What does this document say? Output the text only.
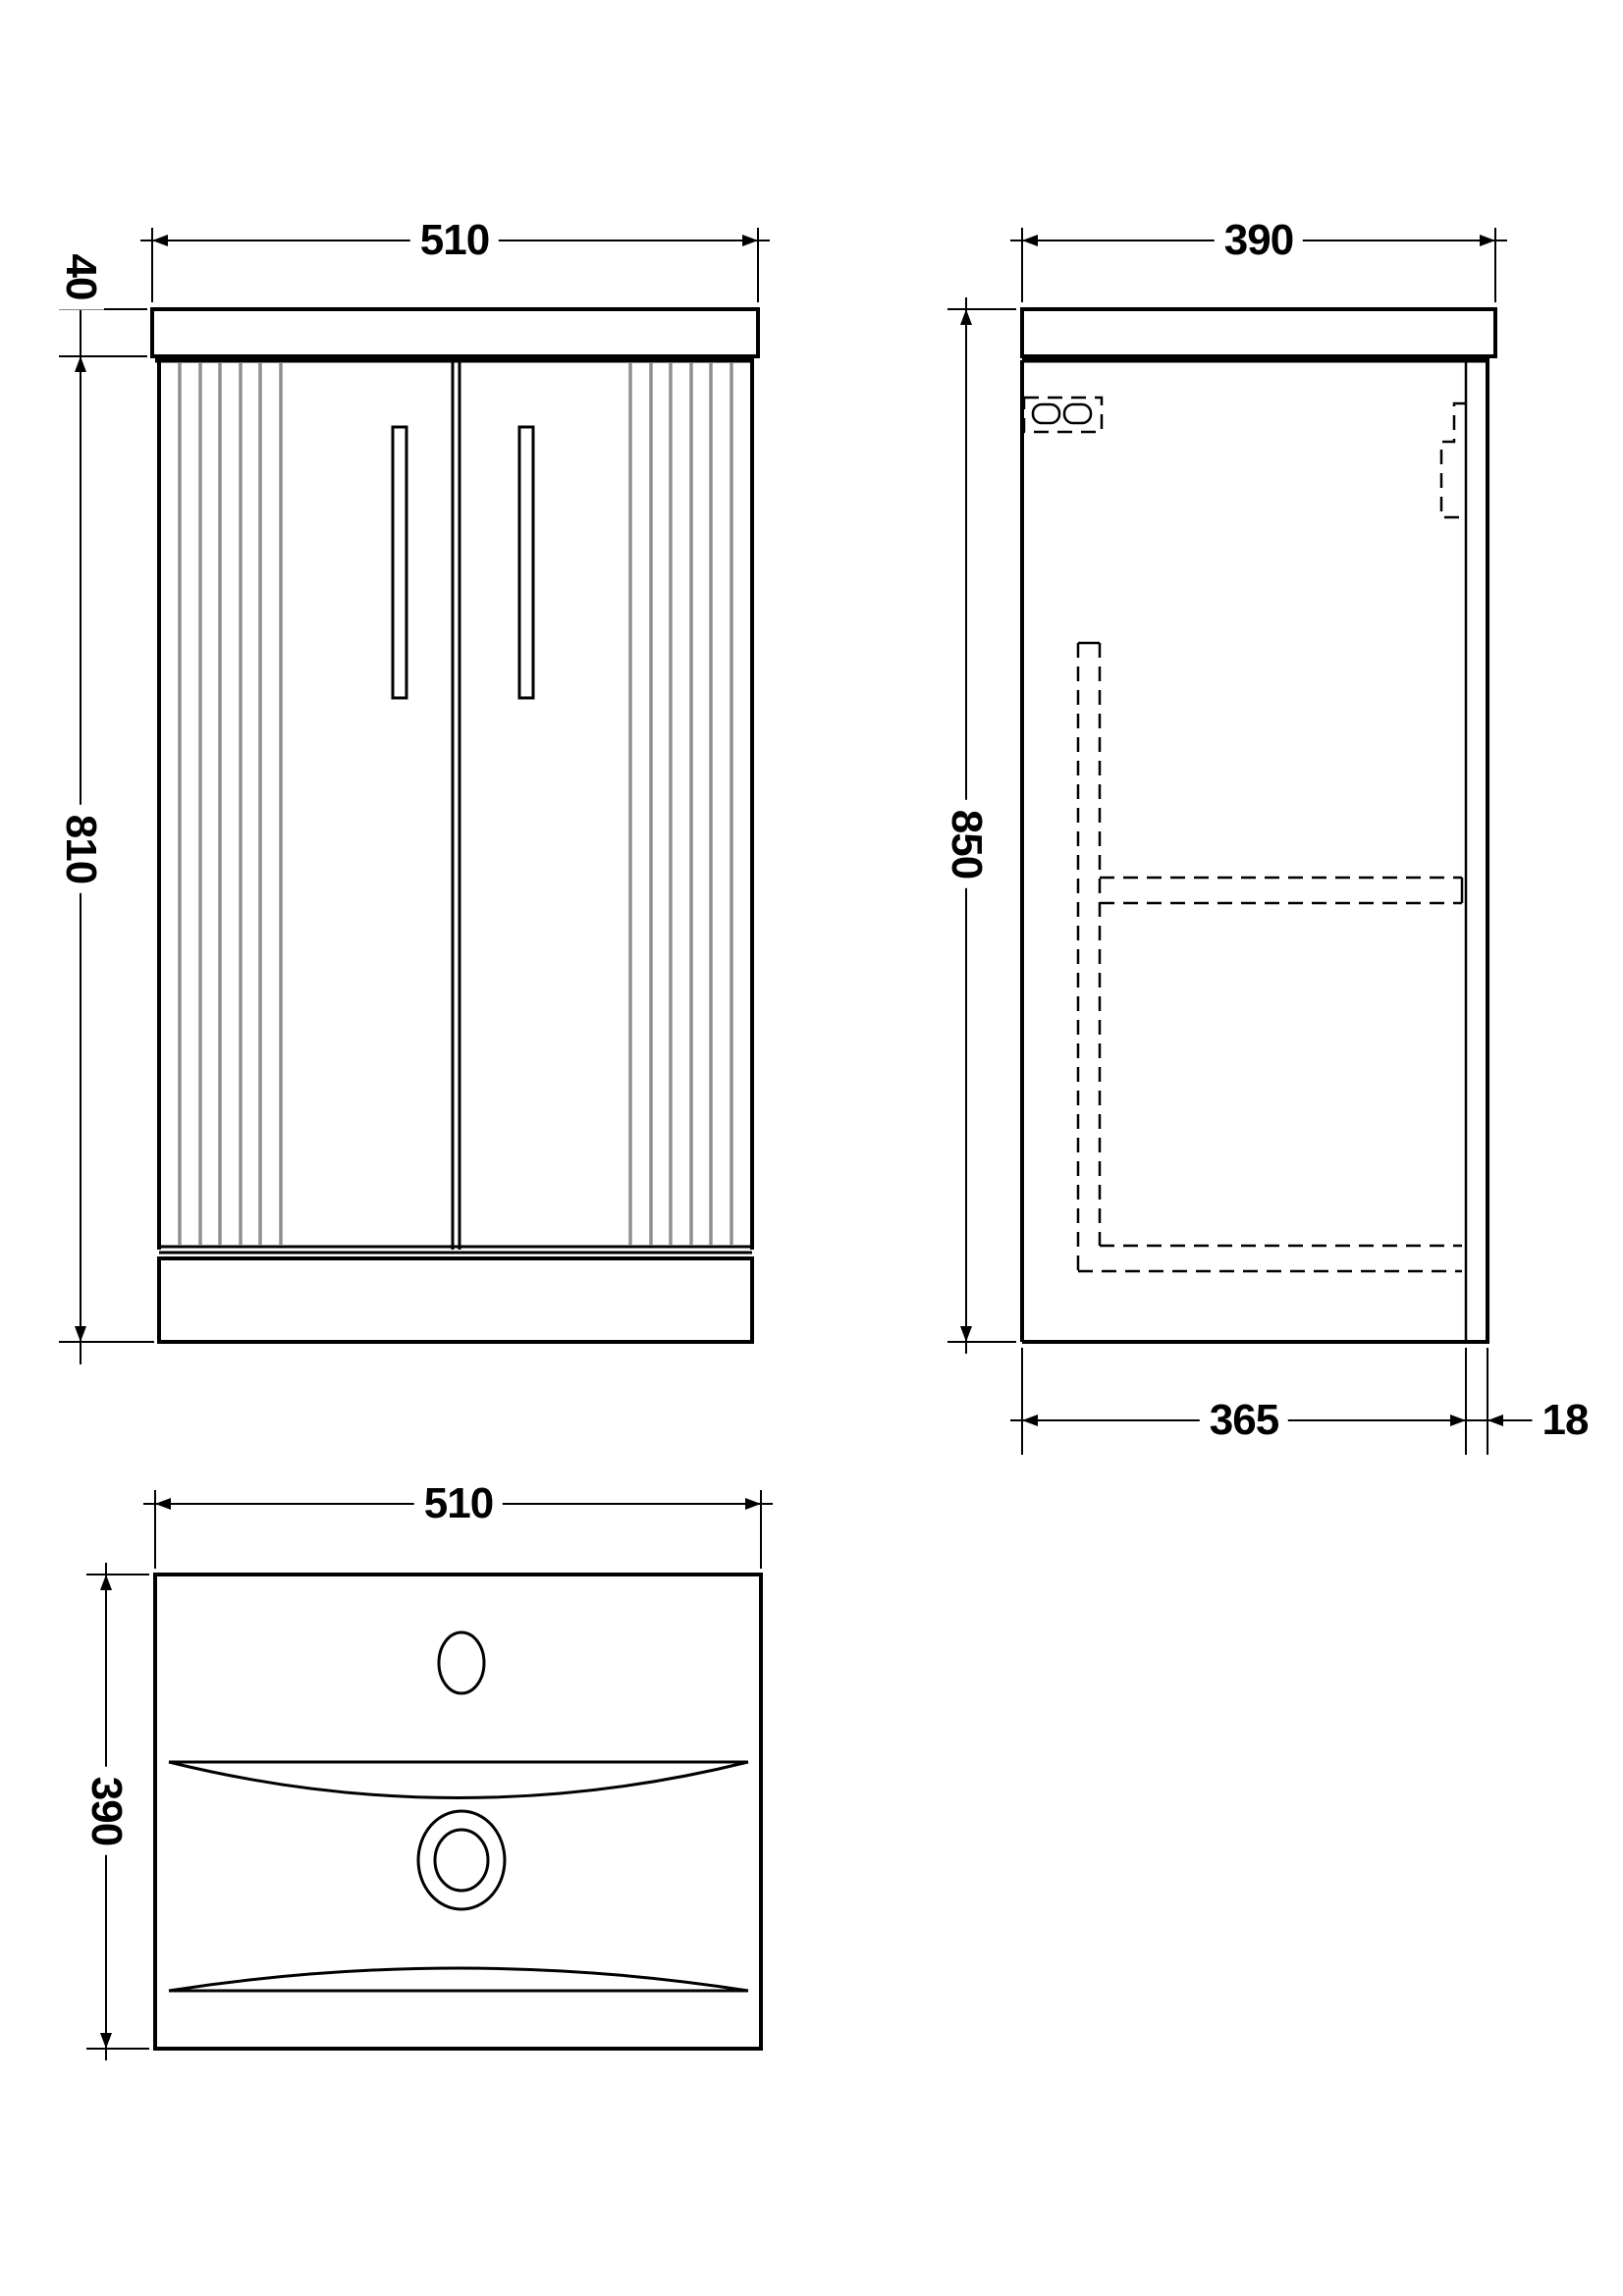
510
40
810
390
850
365	18
510
390
